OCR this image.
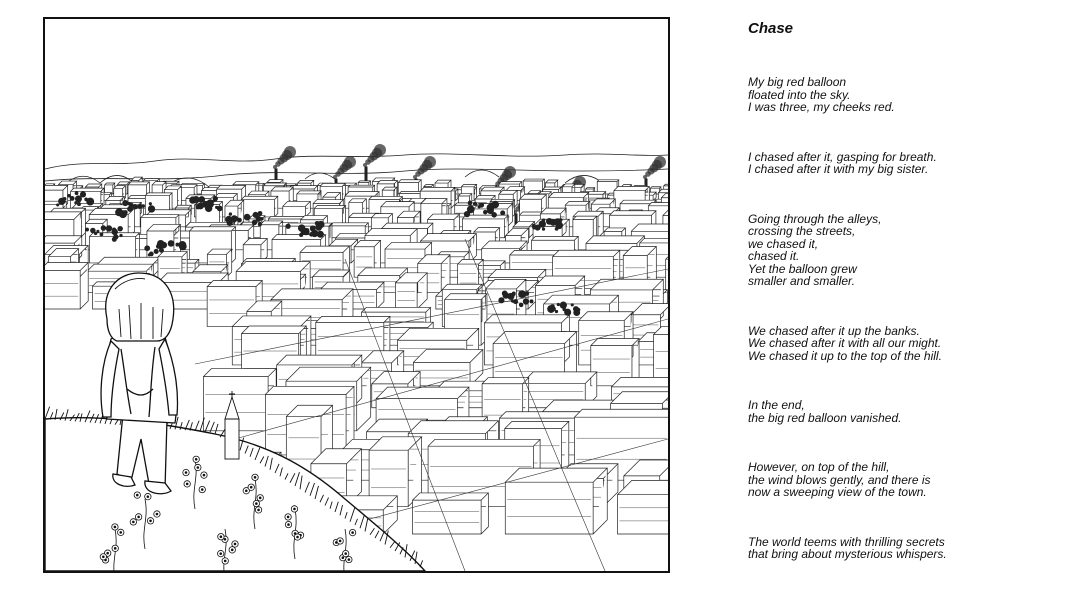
Chase
My big red balloon
floated into the sky.
I was three, my cheeks red.
I chased after it, gasping for breath.
I chased after it with my big sister.
Going through the alleys,
crossing the streets,
we chased it,
chased it.
Yet the balloon grew
smaller and smaller.
We chased after it up the banks.
We chased after it with all our might.
We chased it up to the top of the hill.
In the end,
the big red balloon vanished.
However, on top of the hill,
the wind blows gently, and there is
now a sweeping view of the town.
The world teems with thrilling secrets
that bring about mysterious whispers.
